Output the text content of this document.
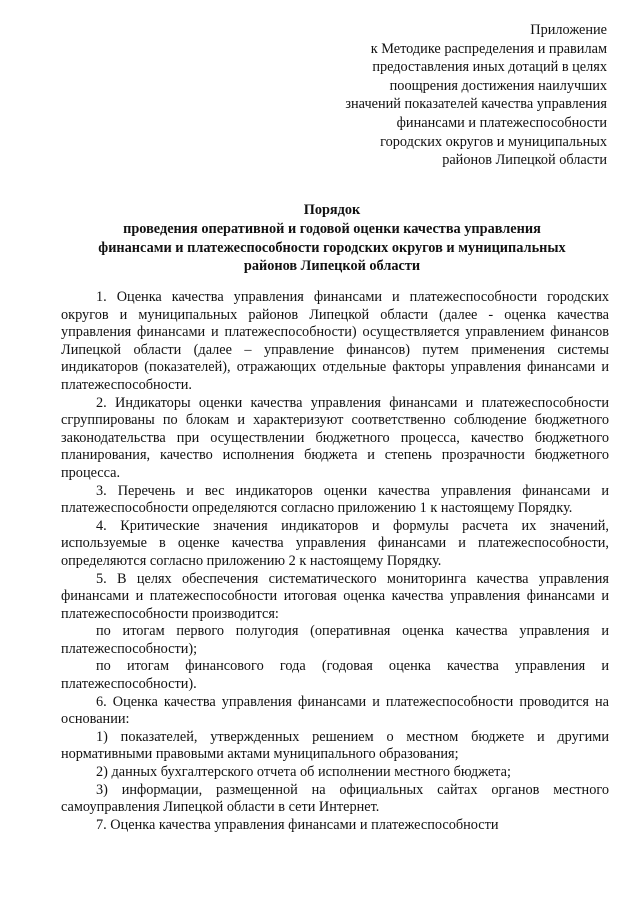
Приложение
к Методике распределения и правилам
предоставления иных дотаций в целях
поощрения достижения наилучших
значений показателей качества управления
финансами и платежеспособности
городских округов и муниципальных
районов Липецкой области
Порядок
проведения оперативной и годовой оценки качества управления
финансами и платежеспособности городских округов и муниципальных
районов Липецкой области

1. Оценка качества управления финансами и платежеспособности городских округов и муниципальных районов Липецкой области (далее - оценка качества управления финансами и платежеспособности) осуществляется управлением финансов Липецкой области (далее – управление финансов) путем применения системы индикаторов (показателей), отражающих отдельные факторы управления финансами и платежеспособности.

2. Индикаторы оценки качества управления финансами и платежеспособности сгруппированы по блокам и характеризуют соответственно соблюдение бюджетного законодательства при осуществлении бюджетного процесса, качество бюджетного планирования, качество исполнения бюджета и степень прозрачности бюджетного процесса.

3. Перечень и вес индикаторов оценки качества управления финансами и платежеспособности определяются согласно приложению 1 к настоящему Порядку.

4. Критические значения индикаторов и формулы расчета их значений, используемые в оценке качества управления финансами и платежеспособности, определяются согласно приложению 2 к настоящему Порядку.

5. В целях обеспечения систематического мониторинга качества управления финансами и платежеспособности итоговая оценка качества управления финансами и платежеспособности производится:

по итогам первого полугодия (оперативная оценка качества управления и платежеспособности);

по итогам финансового года (годовая оценка качества управления и платежеспособности).

6. Оценка качества управления финансами и платежеспособности проводится на основании:

1) показателей, утвержденных решением о местном бюджете и другими нормативными правовыми актами муниципального образования;

2) данных бухгалтерского отчета об исполнении местного бюджета;

3) информации, размещенной на официальных сайтах органов местного самоуправления Липецкой области в сети Интернет.

7. Оценка качества управления финансами и платежеспособности
